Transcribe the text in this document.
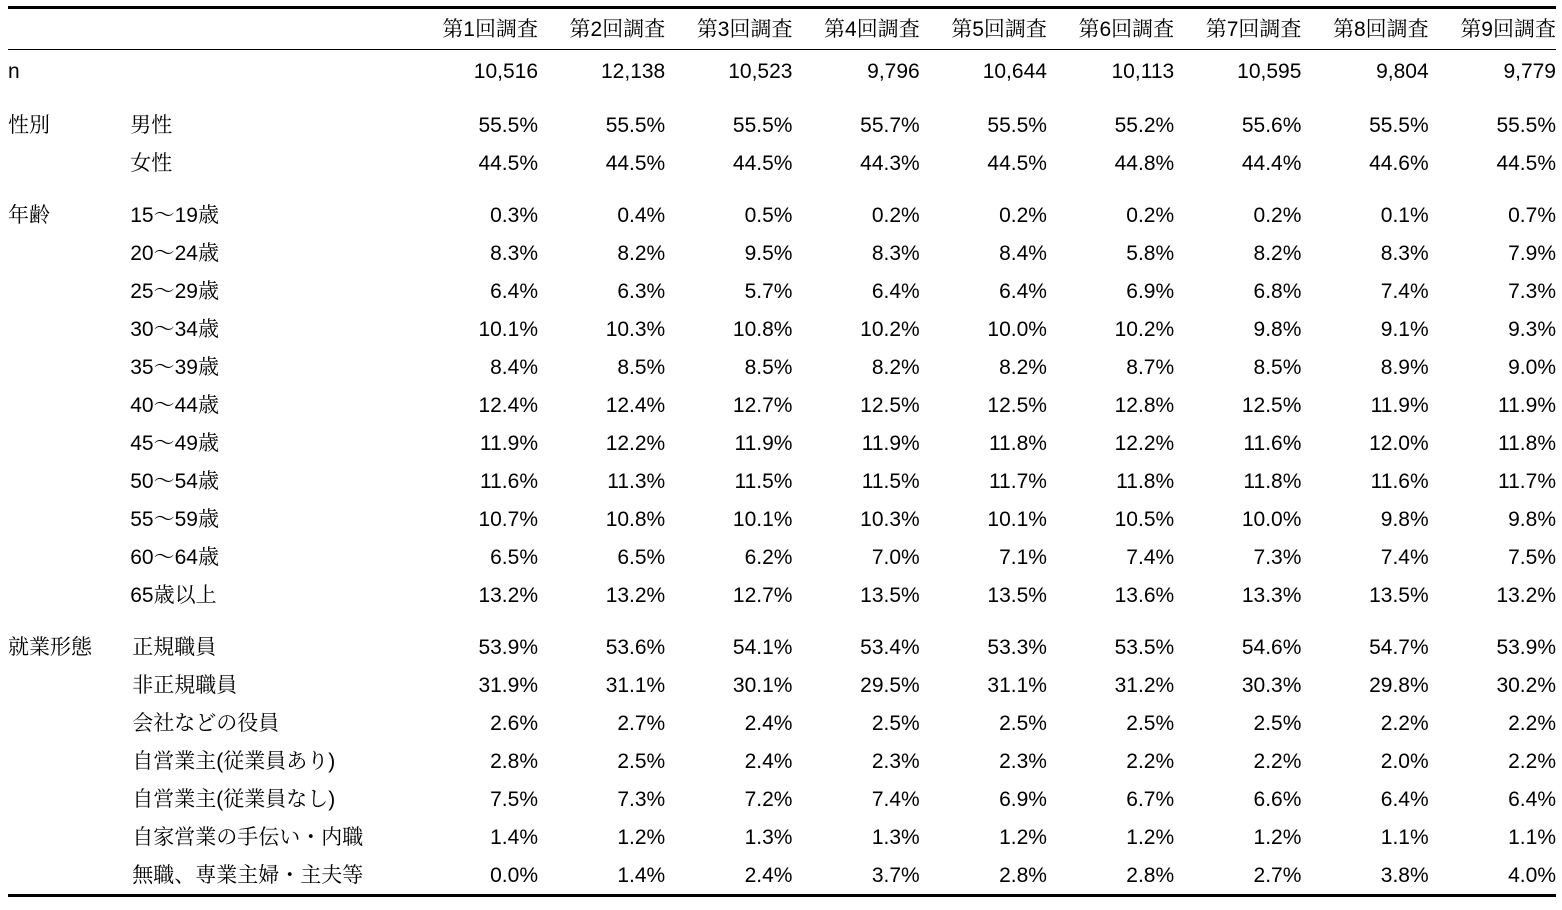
		第1回調査	第2回調査	第3回調査	第4回調査	第5回調査	第6回調査	第7回調査	第8回調査	第9回調査
n		10,516	12,138	10,523	9,796	10,644	10,113	10,595	9,804	9,779

性別	男性	55.5%	55.5%	55.5%	55.7%	55.5%	55.2%	55.6%	55.5%	55.5%
	女性	44.5%	44.5%	44.5%	44.3%	44.5%	44.8%	44.4%	44.6%	44.5%

年齢	15〜19歳	0.3%	0.4%	0.5%	0.2%	0.2%	0.2%	0.2%	0.1%	0.7%
	20〜24歳	8.3%	8.2%	9.5%	8.3%	8.4%	5.8%	8.2%	8.3%	7.9%
	25〜29歳	6.4%	6.3%	5.7%	6.4%	6.4%	6.9%	6.8%	7.4%	7.3%
	30〜34歳	10.1%	10.3%	10.8%	10.2%	10.0%	10.2%	9.8%	9.1%	9.3%
	35〜39歳	8.4%	8.5%	8.5%	8.2%	8.2%	8.7%	8.5%	8.9%	9.0%
	40〜44歳	12.4%	12.4%	12.7%	12.5%	12.5%	12.8%	12.5%	11.9%	11.9%
	45〜49歳	11.9%	12.2%	11.9%	11.9%	11.8%	12.2%	11.6%	12.0%	11.8%
	50〜54歳	11.6%	11.3%	11.5%	11.5%	11.7%	11.8%	11.8%	11.6%	11.7%
	55〜59歳	10.7%	10.8%	10.1%	10.3%	10.1%	10.5%	10.0%	9.8%	9.8%
	60〜64歳	6.5%	6.5%	6.2%	7.0%	7.1%	7.4%	7.3%	7.4%	7.5%
	65歳以上	13.2%	13.2%	12.7%	13.5%	13.5%	13.6%	13.3%	13.5%	13.2%

就業形態	正規職員	53.9%	53.6%	54.1%	53.4%	53.3%	53.5%	54.6%	54.7%	53.9%
	非正規職員	31.9%	31.1%	30.1%	29.5%	31.1%	31.2%	30.3%	29.8%	30.2%
	会社などの役員	2.6%	2.7%	2.4%	2.5%	2.5%	2.5%	2.5%	2.2%	2.2%
	自営業主(従業員あり)	2.8%	2.5%	2.4%	2.3%	2.3%	2.2%	2.2%	2.0%	2.2%
	自営業主(従業員なし)	7.5%	7.3%	7.2%	7.4%	6.9%	6.7%	6.6%	6.4%	6.4%
	自家営業の手伝い・内職	1.4%	1.2%	1.3%	1.3%	1.2%	1.2%	1.2%	1.1%	1.1%
	無職、専業主婦・主夫等	0.0%	1.4%	2.4%	3.7%	2.8%	2.8%	2.7%	3.8%	4.0%
